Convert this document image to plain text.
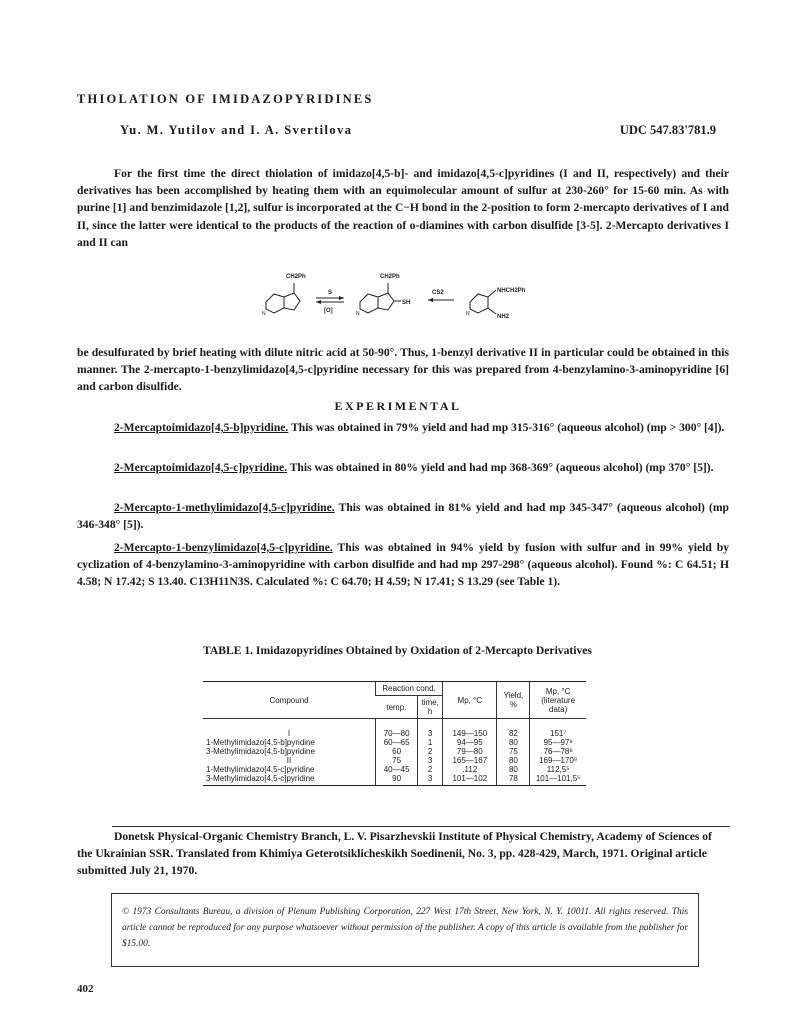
THIOLATION OF IMIDAZOPYRIDINES
Yu. M. Yutilov and I. A. Svertilova	UDC 547.83'781.9
For the first time the direct thiolation of imidazo[4,5-b]- and imidazo[4,5-c]pyridines (I and II, respectively) and their derivatives has been accomplished by heating them with an equimolecular amount of sulfur at 230-260° for 15-60 min. As with purine [1] and benzimidazole [1,2], sulfur is incorporated at the C−H bond in the 2-position to form 2-mercapto derivatives of I and II, since the latter were identical to the products of the reaction of o-diamines with carbon disulfide [3-5]. 2-Mercapto derivatives I and II can
CH2Ph
N
S
[O]
CH2Ph
SH
N
CS2	NHCH2Ph
NH2
N
be desulfurated by brief heating with dilute nitric acid at 50-90°. Thus, 1-benzyl derivative II in particular could be obtained in this manner. The 2-mercapto-1-benzylimidazo[4,5-c]pyridine necessary for this was prepared from 4-benzylamino-3-aminopyridine [6] and carbon disulfide.
EXPERIMENTAL
2-Mercaptoimidazo[4,5-b]pyridine. This was obtained in 79% yield and had mp 315-316° (aqueous alcohol) (mp > 300° [4]).
2-Mercaptoimidazo[4,5-c]pyridine. This was obtained in 80% yield and had mp 368-369° (aqueous alcohol) (mp 370° [5]).
2-Mercapto-1-methylimidazo[4,5-c]pyridine. This was obtained in 81% yield and had mp 345-347° (aqueous alcohol) (mp 346-348° [5]).
2-Mercapto-1-benzylimidazo[4,5-c]pyridine. This was obtained in 94% yield by fusion with sulfur and in 99% yield by cyclization of 4-benzylamino-3-aminopyridine with carbon disulfide and had mp 297-298° (aqueous alcohol). Found %: C 64.51; H 4.58; N 17.42; S 13.40. C13H11N3S. Calculated %: C 64.70; H 4.59; N 17.41; S 13.29 (see Table 1).
TABLE 1. Imidazopyridines Obtained by Oxidation of 2-Mercapto Derivatives
Compound	Reaction cond.		Mp, °C	Yield, %	Mp, °C (literature data)
	temp.	time, h			
I	70—80	3	149—150	82	151⁷
1-Methylimidazo[4,5-b]pyridine	60—65	1	94—95	80	95—97⁸
3-Methylimidazo[4,5-b]pyridine	60	2	79—80	75	76—78⁸
II	75	3	165—167	80	169—170⁹
1-Methylimidazo[4,5-c]pyridine	40—45	2	.112	80	112,5⁵
3-Methylimidazo[4,5-c]pyridine	90	3	101—102	78	101—101,5⁵
Donetsk Physical-Organic Chemistry Branch, L. V. Pisarzhevskii Institute of Physical Chemistry, Academy of Sciences of the Ukrainian SSR. Translated from Khimiya Geterotsiklicheskikh Soedinenii, No. 3, pp. 428-429, March, 1971. Original article submitted July 21, 1970.
© 1973 Consultants Bureau, a division of Plenum Publishing Corporation, 227 West 17th Street, New York, N. Y. 10011. All rights reserved. This article cannot be reproduced for any purpose whatsoever without permission of the publisher. A copy of this article is available from the publisher for $15.00.
402
